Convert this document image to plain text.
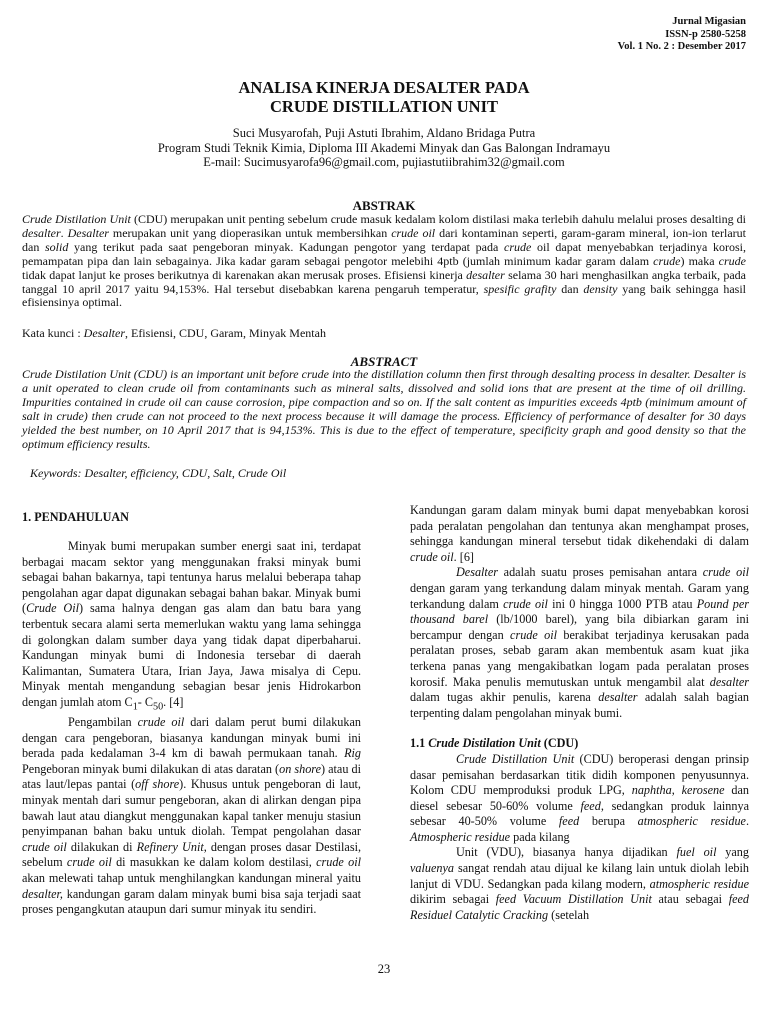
Jurnal Migasian
ISSN-p 2580-5258
Vol. 1 No. 2 : Desember 2017
ANALISA KINERJA DESALTER PADA
CRUDE DISTILLATION UNIT
Suci Musyarofah, Puji Astuti Ibrahim, Aldano Bridaga Putra
Program Studi Teknik Kimia, Diploma III Akademi Minyak dan Gas Balongan Indramayu
E-mail: Sucimusyarofa96@gmail.com, pujiastutiibrahim32@gmail.com
ABSTRAK
Crude Distilation Unit (CDU) merupakan unit penting sebelum crude masuk kedalam kolom distilasi maka terlebih dahulu melalui proses desalting di desalter. Desalter merupakan unit yang dioperasikan untuk membersihkan crude oil dari kontaminan seperti, garam-garam mineral, ion-ion terlarut dan solid yang terikut pada saat pengeboran minyak. Kadungan pengotor yang terdapat pada crude oil dapat menyebabkan terjadinya korosi, pemampatan pipa dan lain sebagainya. Jika kadar garam sebagai pengotor melebihi 4ptb (jumlah minimum kadar garam dalam crude) maka crude tidak dapat lanjut ke proses berikutnya di karenakan akan merusak proses. Efisiensi kinerja desalter selama 30 hari menghasilkan angka terbaik, pada tanggal 10 april 2017 yaitu 94,153%. Hal tersebut disebabkan karena pengaruh temperatur, spesific grafity dan density yang baik sehingga hasil efisiensinya optimal.
Kata kunci : Desalter, Efisiensi, CDU, Garam, Minyak Mentah
ABSTRACT
Crude Distilation Unit (CDU) is an important unit before crude into the distillation column then first through desalting process in desalter. Desalter is a unit operated to clean crude oil from contaminants such as mineral salts, dissolved and solid ions that are present at the time of oil drilling. Impurities contained in crude oil can cause corrosion, pipe compaction and so on. If the salt content as impurities exceeds 4ptb (minimum amount of salt in crude) then crude can not proceed to the next process because it will damage the process. Efficiency of performance of desalter for 30 days yielded the best number, on 10 April 2017 that is 94,153%. This is due to the effect of temperature, specificity graph and good density so that the optimum efficiency results.
Keywords: Desalter, efficiency, CDU, Salt, Crude Oil
1. PENDAHULUAN

Minyak bumi merupakan sumber energi saat ini, terdapat berbagai macam sektor yang menggunakan fraksi minyak bumi sebagai bahan bakarnya, tapi tentunya harus melalui beberapa tahap pengolahan agar dapat digunakan sebagai bahan bakar. Minyak bumi (Crude Oil) sama halnya dengan gas alam dan batu bara yang terbentuk secara alami serta memerlukan waktu yang lama sehingga di golongkan dalam sumber daya yang tidak dapat diperbaharui. Kandungan minyak bumi di Indonesia tersebar di daerah Kalimantan, Sumatera Utara, Irian Jaya, Jawa misalya di Cepu. Minyak mentah mengandung sebagian besar jenis Hidrokarbon dengan jumlah atom $C_1-$ $C_{50}$. [4]

Pengambilan crude oil dari dalam perut bumi dilakukan dengan cara pengeboran, biasanya kandungan minyak bumi ini berada pada kedalaman 3-4 km di bawah permukaan tanah. Rig Pengeboran minyak bumi dilakukan di atas daratan (on shore) atau di atas laut/lepas pantai (off shore). Khusus untuk pengeboran di laut, minyak mentah dari sumur pengeboran, akan di alirkan dengan pipa bawah laut atau diangkut menggunakan kapal tanker menuju stasiun penyimpanan bahan baku untuk diolah. Tempat pengolahan dasar crude oil dilakukan di Refinery Unit, dengan proses dasar Destilasi, sebelum crude oil di masukkan ke dalam kolom destilasi, crude oil akan melewati tahap untuk menghilangkan kandungan mineral yaitu desalter, kandungan garam dalam minyak bumi bisa saja terjadi saat proses pengangkutan ataupun dari sumur minyak itu sendiri.

Kandungan garam dalam minyak bumi dapat menyebabkan korosi pada peralatan pengolahan dan tentunya akan menghampat proses, sehingga kandungan mineral tersebut tidak dikehendaki di dalam crude oil. [6]

Desalter adalah suatu proses pemisahan antara crude oil dengan garam yang terkandung dalam minyak mentah. Garam yang terkandung dalam crude oil ini 0 hingga 1000 PTB atau Pound per thousand barel (lb/1000 barel), yang bila dibiarkan garam ini bercampur dengan crude oil berakibat terjadinya kerusakan pada peralatan proses, sebab garam akan membentuk asam kuat jika terkena panas yang mengakibatkan logam pada peralatan proses korosif. Maka penulis memutuskan untuk mengambil alat desalter dalam tugas akhir penulis, karena desalter adalah salah bagian terpenting dalam pengolahan minyak bumi.

1.1 Crude Distilation Unit (CDU)

Crude Distillation Unit (CDU) beroperasi dengan prinsip dasar pemisahan berdasarkan titik didih komponen penyusunnya. Kolom CDU memproduksi produk LPG, naphtha, kerosene dan diesel sebesar 50-60% volume feed, sedangkan produk lainnya sebesar 40-50% volume feed berupa atmospheric residue. Atmospheric residue pada kilang

Unit (VDU), biasanya hanya dijadikan fuel oil yang valuenya sangat rendah atau dijual ke kilang lain untuk diolah lebih lanjut di VDU. Sedangkan pada kilang modern, atmospheric residue dikirim sebagai feed Vacuum Distillation Unit atau sebagai feed Residuel Catalytic Cracking (setelah

23
